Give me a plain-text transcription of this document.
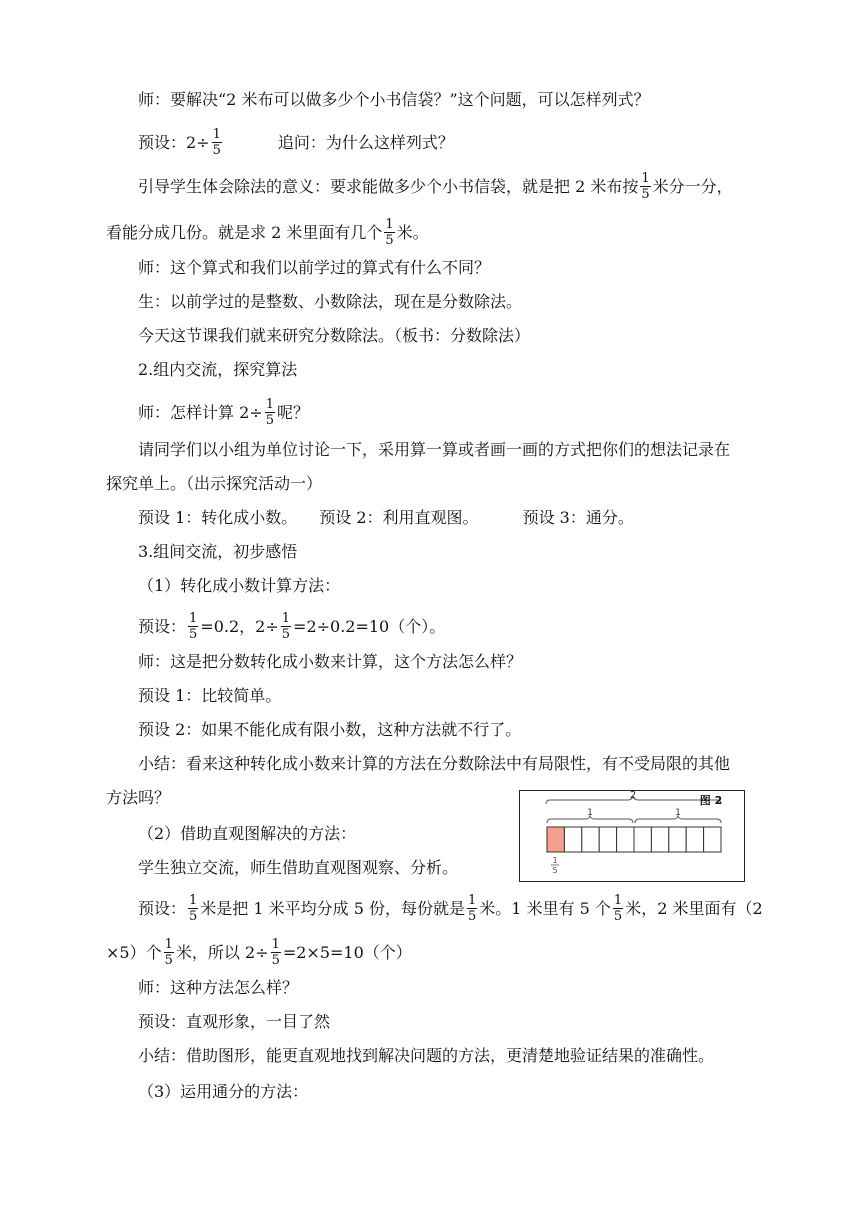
师：要解决“2 米布可以做多少个小书信袋？”这个问题，可以怎样列式？
预设：$2\div \frac{1}{5}$	追问：为什么这样列式？
引导学生体会除法的意义：要求能做多少个小书信袋，就是把 2 米布按 $\frac{1}{5}$ 米分一分，
看能分成几份。就是求 2 米里面有几个 $\frac{1}{5}$ 米。
师：这个算式和我们以前学过的算式有什么不同？
生：以前学过的是整数、小数除法，现在是分数除法。
今天这节课我们就来研究分数除法。（板书：分数除法）
2.组内交流，探究算法
师：怎样计算 $2\div \frac{1}{5}$ 呢？
请同学们以小组为单位讨论一下，采用算一算或者画一画的方式把你们的想法记录在
探究单上。（出示探究活动一）
预设 1：转化成小数。 预设 2：利用直观图。	预设 3：通分。
3.组间交流，初步感悟
（1）转化成小数计算方法：
预设： $\frac{1}{5} =0.2$，$2\div \frac{1}{5} =2\div 0.2=10$（个）。
师：这是把分数转化成小数来计算，这个方法怎么样？
预设 1：比较简单。
预设 2：如果不能化成有限小数，这种方法就不行了。
小结：看来这种转化成小数来计算的方法在分数除法中有局限性，有不受局限的其他
方法吗？
（2）借助直观图解决的方法：
学生独立交流，师生借助直观图观察、分析。
预设： $\frac{1}{5}$ 米是把 1 米平均分成 5 份，每份就是 $\frac{1}{5}$ 米。1 米里有 5 个 $\frac{1}{5}$ 米，2 米里面有（2
×5）个 $\frac{1}{5}$ 米，所以 $2\div \frac{1}{5} =2\times 5=10$（个）
师：这种方法怎么样？
预设：直观形象，一目了然
小结：借助图形，能更直观地找到解决问题的方法，更清楚地验证结果的准确性。
（3）运用通分的方法：
2
1	1
图 2
1
5
